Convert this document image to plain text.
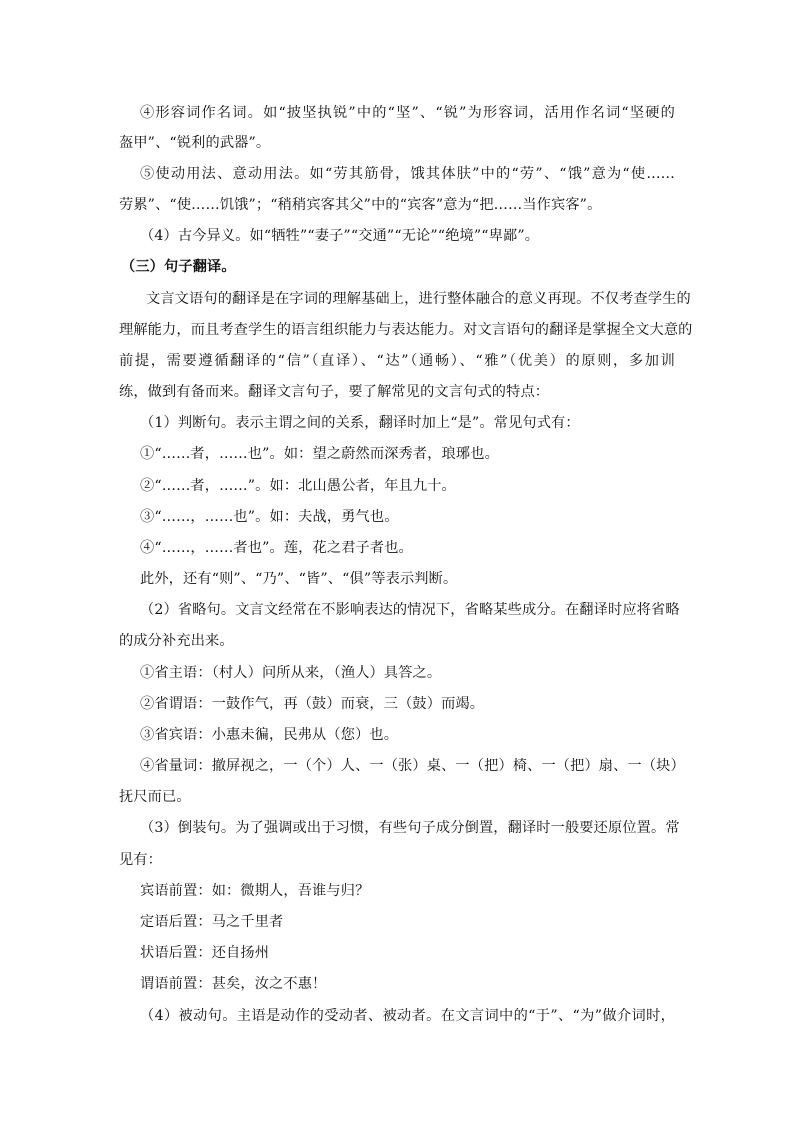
④形容词作名词。如“披坚执锐”中的“坚”、“锐”为形容词，活用作名词“坚硬的
盔甲”、“锐利的武器”。
⑤使动用法、意动用法。如“劳其筋骨，饿其体肤”中的“劳”、“饿”意为“使……
劳累”、“使……饥饿”；“稍稍宾客其父”中的“宾客”意为“把……当作宾客”。
（4）古今异义。如“牺牲”“妻子”“交通”“无论”“绝境”“卑鄙”。
（三）句子翻译。
文言文语句的翻译是在字词的理解基础上，进行整体融合的意义再现。不仅考查学生的
理解能力，而且考查学生的语言组织能力与表达能力。对文言语句的翻译是掌握全文大意的
前提，需要遵循翻译的“信”（直译）、“达”（通畅）、“雅”（优美）的原则，多加训
练，做到有备而来。翻译文言句子，要了解常见的文言句式的特点：
（1）判断句。表示主谓之间的关系，翻译时加上“是”。常见句式有：
①“……者，……也”。如：望之蔚然而深秀者，琅琊也。
②“……者，……”。如：北山愚公者，年且九十。
③“……，……也”。如：夫战，勇气也。
④“……，……者也”。莲，花之君子者也。
此外，还有“则”、“乃”、“皆”、“俱”等表示判断。
（2）省略句。文言文经常在不影响表达的情况下，省略某些成分。在翻译时应将省略
的成分补充出来。
①省主语：（村人）问所从来，（渔人）具答之。
②省谓语：一鼓作气，再（鼓）而衰，三（鼓）而竭。
③省宾语：小惠未徧，民弗从（您）也。
④省量词：撤屏视之，一（个）人、一（张）桌、一（把）椅、一（把）扇、一（块）
抚尺而已。
（3）倒装句。为了强调或出于习惯，有些句子成分倒置，翻译时一般要还原位置。常
见有：
宾语前置：如：微期人，吾谁与归？
定语后置：马之千里者
状语后置：还自扬州
谓语前置：甚矣，汝之不惠！
（4）被动句。主语是动作的受动者、被动者。在文言词中的“于”、“为”做介词时，
